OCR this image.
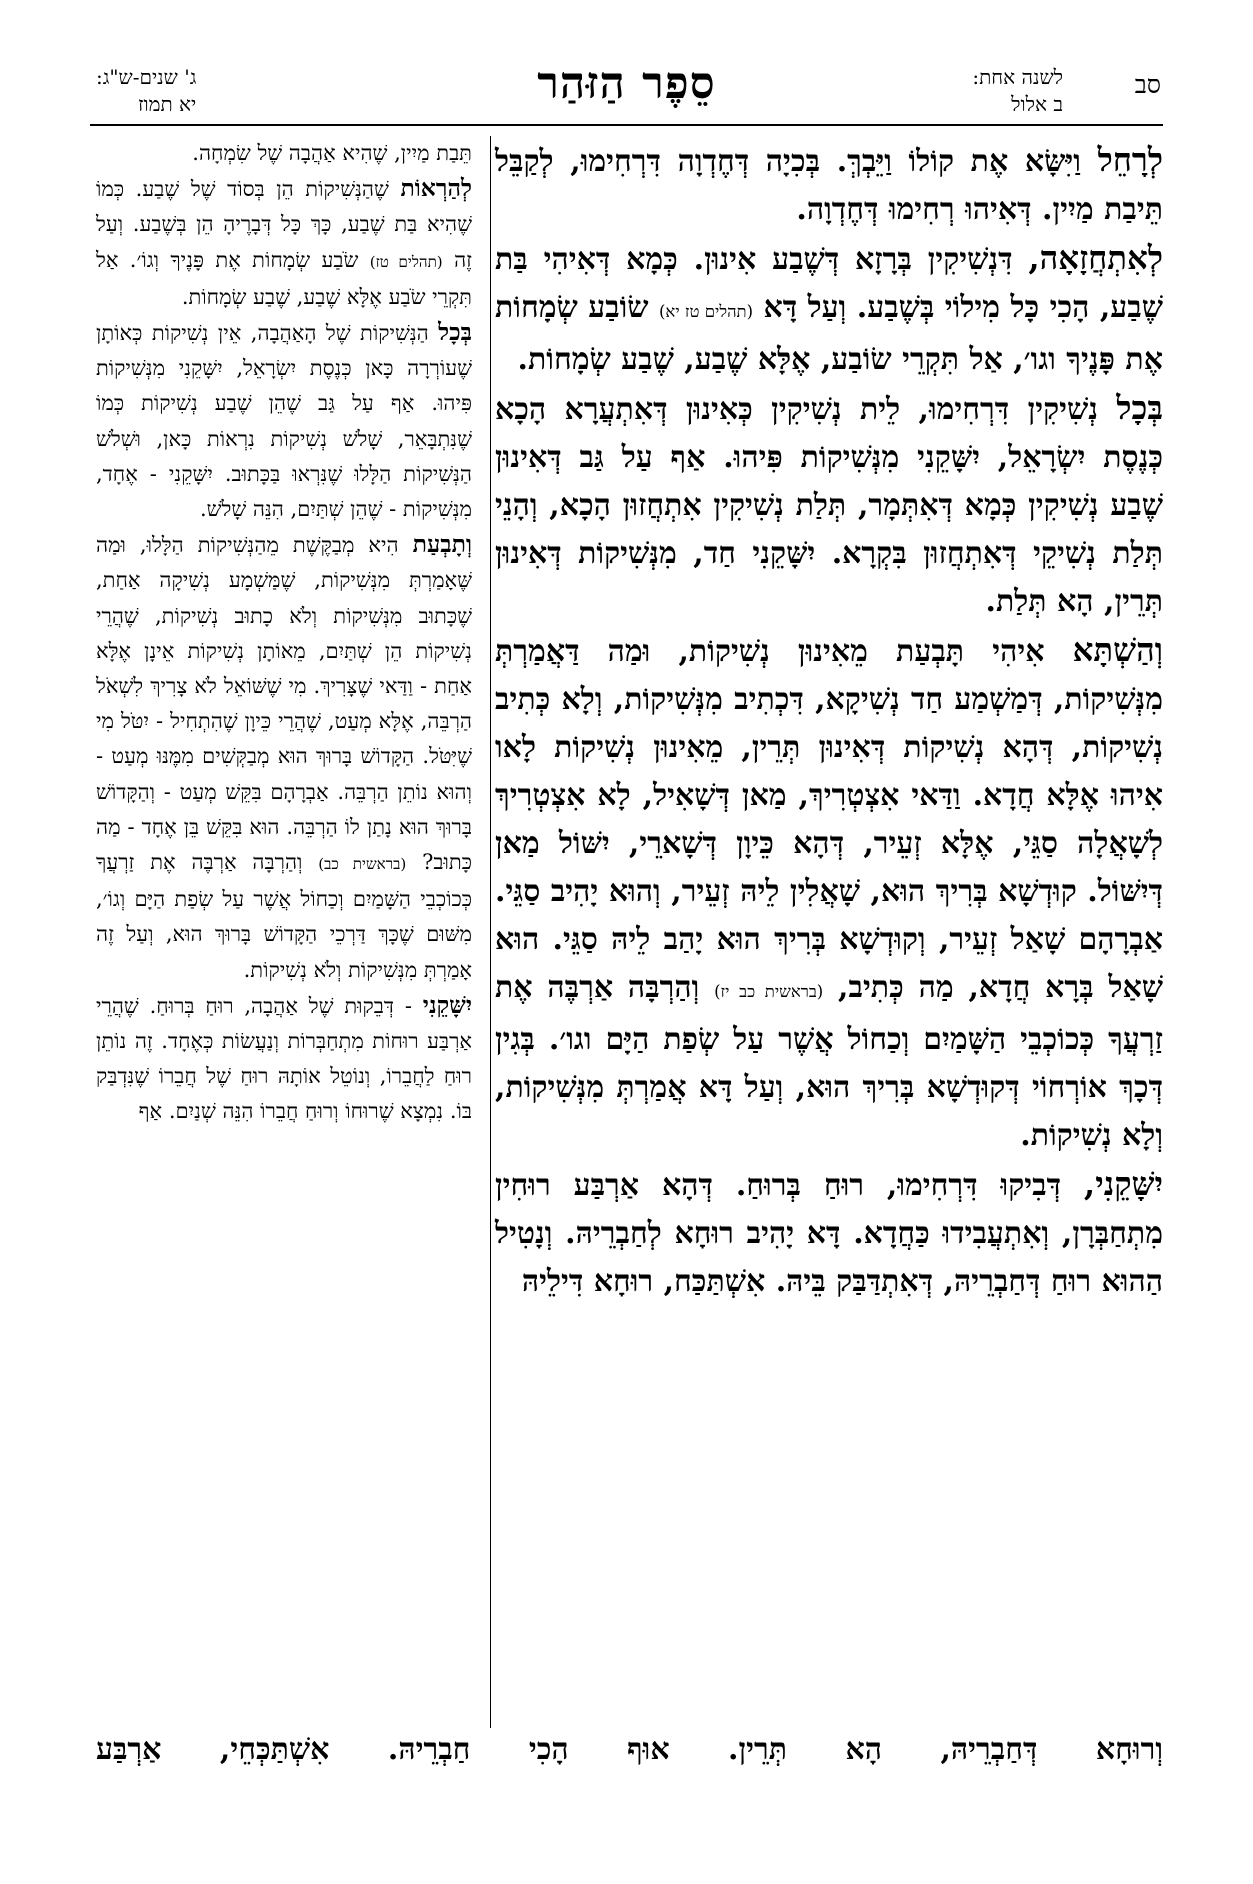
סב
לשנה אחת:
ב אלול
סֵפֶר הַזּהַר
ג' שנים-ש"ג:
יא תמוז

לְרָחֵל וַיִּשָּׂא אֶת קוֹלוֹ וַיֵּבְךְּ. בְּכִיָה דְּחֶדְוָה דִּרְחִימוּ, לְקַבֵּל תֵּיבַת מַיִין. דְּאִיהוּ רְחִימוּ דְּחֶדְוָה.

לְאִתְחֲזָאָה, דִּנְשִׁיקִין בְּרָזָא דְּשֶׁבַע אִינוּן. כְּמָא דְּאִיהִי בַּת שֶׁבַע, הָכִי כָּל מִילוֹי בְּשֶׁבַע. וְעַל דָּא (תהלים טז יא) שׂוֹבַע שְׂמָחוֹת אֶת פָּנֶיךָ וגו׳, אַל תִּקְרֵי שׂוֹבַע, אֶלָּא שֶׁבַע, שֶׁבַע שְׂמָחוֹת.

בְּכָל נְשִׁיקִין דִּרְחִימוּ, לֵית נְשִׁיקִין כְּאִינוּן דְּאִתְעֲרָא הָכָא כְּנֶסֶת יִשְׂרָאֵל, יִשָּׁקֵנִי מִנְּשִׁיקוֹת פִּיהוּ. אַף עַל גַּב דְּאִינוּן שֶׁבַע נְשִׁיקִין כְּמָא דְּאִתְּמָר, תְּלַת נְשִׁיקִין אִתְחֲזוּן הָכָא, וְהָנֵי תְּלַת נְשִׁיקֵי דְּאִתְחֲזוּן בִּקְרָא. יִשָּׁקֵנִי חַד, מִנְּשִׁיקוֹת דְּאִינוּן תְּרֵין, הָא תְּלַת.

וְהַשְׁתָּא אִיהִי תָּבְעַת מֵאִינוּן נְשִׁיקוֹת, וּמַה דַּאֲמַרְתְּ מִנְּשִׁיקוֹת, דְּמַשְׁמַע חַד נְשִׁיקָא, דִּכְתִיב מִנְּשִׁיקוֹת, וְלָא כְּתִיב נְשִׁיקוֹת, דְּהָא נְשִׁיקוֹת דְּאִינוּן תְּרֵין, מֵאִינוּן נְשִׁיקוֹת לָאו אִיהוּ אֶלָּא חֲדָא. וַדַּאי אִצְטְרִיךְ, מַאן דְּשָׁאִיל, לָא אִצְטְרִיךְ לְשָׁאֲלָה סַגֵּי, אֶלָּא זְעֵיר, דְּהָא כֵּיוָן דְּשָׁארֵי, יִשּׁוֹל מַאן דְּיִשּׁוֹל. קוּדְשָׁא בְּרִיךְ הוּא, שָׁאֲלִין לֵיהּ זְעֵיר, וְהוּא יָהִיב סַגֵּי. אַבְרָהָם שָׁאַל זְעֵיר, וְקוּדְשָׁא בְּרִיךְ הוּא יָהַב לֵיהּ סַגֵּי. הוּא שָׁאַל בְּרָא חֲדָא, מַה כְּתִיב, (בראשית כב יז) וְהַרְבָּה אַרְבֶּה אֶת זַרְעֲךָ כְּכוֹכְבֵי הַשָּׁמַיִם וְכַחוֹל אֲשֶׁר עַל שְׂפַת הַיָּם וגו׳. בְּגִין דְּכָךְ אוֹרְחוֹי דְּקוּדְשָׁא בְּרִיךְ הוּא, וְעַל דָּא אֲמַרְתְּ מִנְּשִׁיקוֹת, וְלָא נְשִׁיקוֹת.

יִשָּׁקֵנִי, דְּבִיקוּ דִּרְחִימוּ, רוּחַ בְּרוּחַ. דְּהָא אַרְבַּע רוּחִין מִתְחַבְּרָן, וְאִתְעֲבִידוּ כַּחֲדָא. דָּא יָהִיב רוּחָא לְחַבְרֵיהּ. וְנָטִיל הַהוּא רוּחַ דְּחַבְרֵיהּ, דְּאִתְדַּבַּק בֵּיהּ. אִשְׁתַּכַּח, רוּחָא דִּילֵיהּ

תֵּבַת מַיִין, שֶׁהִיא אַהֲבָה שֶׁל שִׂמְחָה.

לְהַרְאוֹת שֶׁהַנְּשִׁיקוֹת הֵן בְּסוֹד שֶׁל שֶׁבַע. כְּמוֹ שֶׁהִיא בַּת שֶׁבַע, כָּךְ כָּל דְּבָרֶיהָ הֵן בְּשֶׁבַע. וְעַל זֶה (תהלים טז) שֹׂבַע שְׂמָחוֹת אֶת פָּנֶיךָ וְגוֹ׳. אַל תִּקְרֵי שֹׂבַע אֶלָּא שֶׁבַע, שֶׁבַע שְׂמָחוֹת.

בְּכָל הַנְּשִׁיקוֹת שֶׁל הָאַהֲבָה, אֵין נְשִׁיקוֹת כְּאוֹתָן שֶׁעוֹרְרָה כָּאן כְּנֶסֶת יִשְׂרָאֵל, יִשָּׁקֵנִי מִנְּשִׁיקוֹת פִּיהוּ. אַף עַל גַּב שֶׁהֵן שֶׁבַע נְשִׁיקוֹת כְּמוֹ שֶׁנִּתְבָּאֵר, שָׁלֹשׁ נְשִׁיקוֹת נִרְאוֹת כָּאן, וּשְׁלֹשׁ הַנְּשִׁיקוֹת הַלָּלוּ שֶׁנִּרְאוּ בַּכָּתוּב. יִשָּׁקֵנִי - אֶחָד, מִנְּשִׁיקוֹת - שֶׁהֵן שְׁתַּיִם, הִנֵּה שָׁלֹשׁ.

וְתָבְעַת הִיא מְבַקֶּשֶׁת מֵהַנְּשִׁיקוֹת הַלָּלוּ, וּמַה שֶּׁאָמַרְתְּ מִנְּשִׁיקוֹת, שֶׁמַּשְׁמָע נְשִׁיקָה אַחַת, שֶׁכָּתוּב מִנְּשִׁיקוֹת וְלֹא כָתוּב נְשִׁיקוֹת, שֶׁהֲרֵי נְשִׁיקוֹת הֵן שְׁתַּיִם, מֵאוֹתָן נְשִׁיקוֹת אֵינָן אֶלָּא אַחַת - וַדַּאי שֶׁצָּרִיךְ. מִי שֶׁשּׁוֹאֵל לֹא צָרִיךְ לִשְׁאֹל הַרְבֵּה, אֶלָּא מְעַט, שֶׁהֲרֵי כֵּיוָן שֶׁהִתְחִיל - יִטֹּל מִי שֶׁיִּטֹּל. הַקָּדוֹשׁ בָּרוּךְ הוּא מְבַקְּשִׁים מִמֶּנּוּ מְעַט - וְהוּא נוֹתֵן הַרְבֵּה. אַבְרָהָם בִּקֵּשׁ מְעַט - וְהַקָּדוֹשׁ בָּרוּךְ הוּא נָתַן לוֹ הַרְבֵּה. הוּא בִּקֵּשׁ בֵּן אֶחָד - מַה כָּתוּב? (בראשית כב) וְהַרְבָּה אַרְבֶּה אֶת זַרְעֲךָ כְּכוֹכְבֵי הַשָּׁמַיִם וְכַחוֹל אֲשֶׁר עַל שְׂפַת הַיָּם וְגוֹ׳, מִשּׁוּם שֶׁכָּךְ דַּרְכֵי הַקָּדוֹשׁ בָּרוּךְ הוּא, וְעַל זֶה אָמַרְתְּ מִנְּשִׁיקוֹת וְלֹא נְשִׁיקוֹת.

יִשָּׁקֵנִי - דְּבֵקוּת שֶׁל אַהֲבָה, רוּחַ בְּרוּחַ. שֶׁהֲרֵי אַרְבַּע רוּחוֹת מִתְחַבְּרוֹת וְנַעֲשׂוֹת כְּאֶחָד. זֶה נוֹתֵן רוּחַ לַחֲבֵרוֹ, וְנוֹטֵל אוֹתָהּ רוּחַ שֶׁל חֲבֵרוֹ שֶׁנִּדְבַּק בּוֹ. נִמְצָא שֶׁרוּחוֹ וְרוּחַ חֲבֵרוֹ הִנֵּה שְׁנַיִם. אַף

וְרוּחָא דְּחַבְרֵיהּ, הָא תְּרֵין. אוּף הָכִי חַבְרֵיהּ. אִשְׁתַּכְּחֵי, אַרְבַּע
